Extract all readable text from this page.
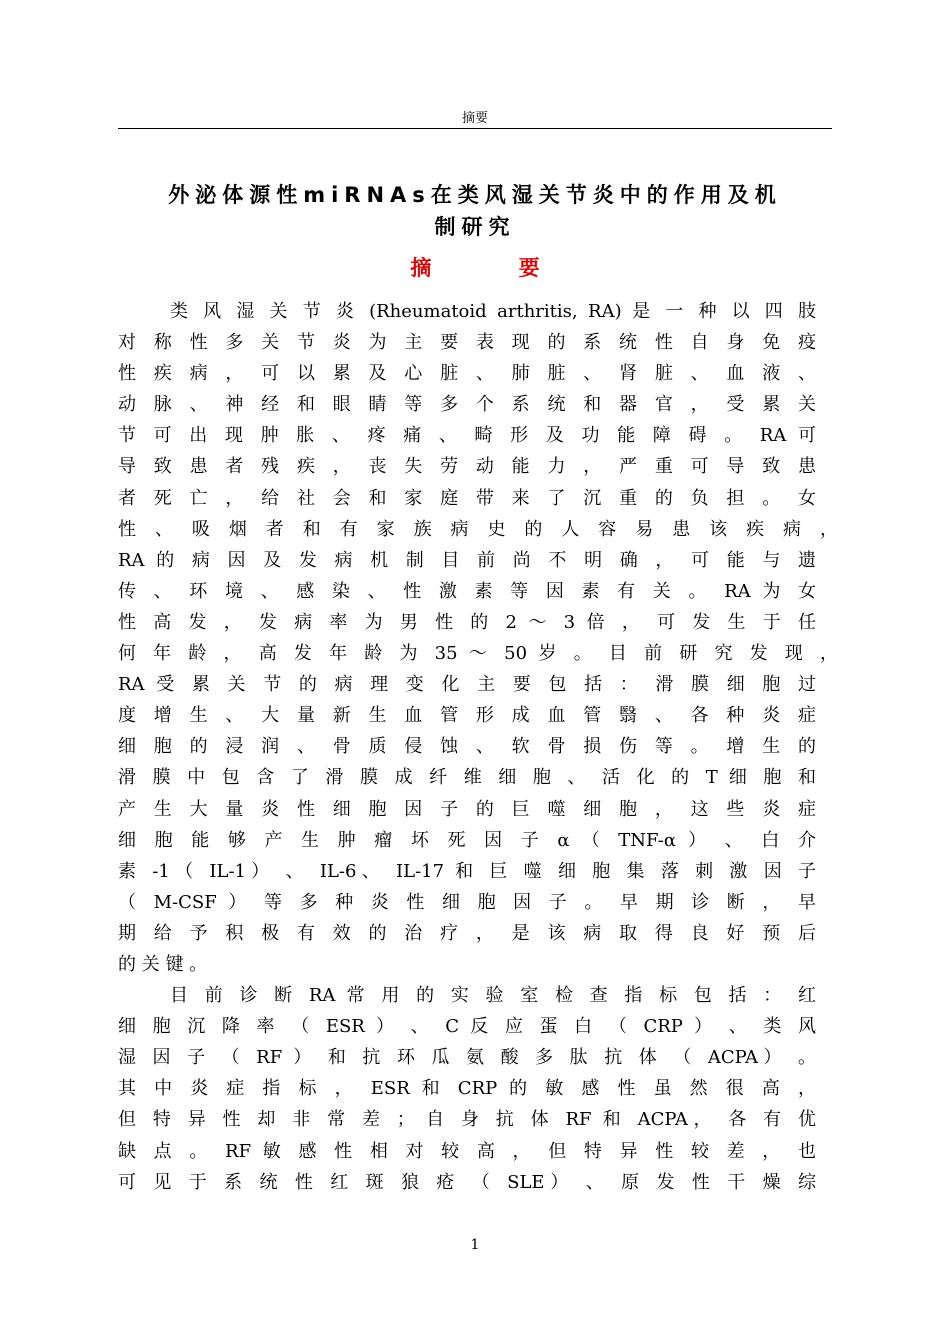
摘要
外泌体源性miRNAs在类风湿关节炎中的作用及机
制研究
摘 要
类 风 湿 关 节 炎 (Rheumatoid arthritis, RA) 是 一 种 以 四 肢
对 称 性 多 关 节 炎 为 主 要 表 现 的 系 统 性 自 身 免 疫
性 疾 病 ， 可 以 累 及 心 脏 、 肺 脏 、 肾 脏 、 血 液 、
动 脉 、 神 经 和 眼 睛 等 多 个 系 统 和 器 官 ， 受 累 关
节 可 出 现 肿 胀 、 疼 痛 、 畸 形 及 功 能 障 碍 。 RA 可
导 致 患 者 残 疾 ， 丧 失 劳 动 能 力 ， 严 重 可 导 致 患
者 死 亡 ， 给 社 会 和 家 庭 带 来 了 沉 重 的 负 担 。 女
性 、 吸 烟 者 和 有 家 族 病 史 的 人 容 易 患 该 疾 病 ，
RA 的 病 因 及 发 病 机 制 目 前 尚 不 明 确 ， 可 能 与 遗
传 、 环 境 、 感 染 、 性 激 素 等 因 素 有 关 。 RA 为 女
性 高 发 ， 发 病 率 为 男 性 的 2 ～ 3 倍 ， 可 发 生 于 任
何 年 龄 ， 高 发 年 龄 为 35 ～ 50 岁 。 目 前 研 究 发 现 ，
RA 受 累 关 节 的 病 理 变 化 主 要 包 括 ： 滑 膜 细 胞 过
度 增 生 、 大 量 新 生 血 管 形 成 血 管 翳 、 各 种 炎 症
细 胞 的 浸 润 、 骨 质 侵 蚀 、 软 骨 损 伤 等 。 增 生 的
滑 膜 中 包 含 了 滑 膜 成 纤 维 细 胞 、 活 化 的 T 细 胞 和
产 生 大 量 炎 性 细 胞 因 子 的 巨 噬 细 胞 ， 这 些 炎 症
细 胞 能 够 产 生 肿 瘤 坏 死 因 子 α （ TNF-α ） 、 白 介
素 -1（ IL-1） 、 IL-6、 IL-17 和 巨 噬 细 胞 集 落 刺 激 因 子
（ M-CSF ） 等 多 种 炎 性 细 胞 因 子 。 早 期 诊 断 ， 早
期 给 予 积 极 有 效 的 治 疗 ， 是 该 病 取 得 良 好 预 后
的 关 键 。
目 前 诊 断 RA 常 用 的 实 验 室 检 查 指 标 包 括 ： 红
细 胞 沉 降 率 （ ESR ） 、 C 反 应 蛋 白 （ CRP ） 、 类 风
湿 因 子 （ RF ） 和 抗 环 瓜 氨 酸 多 肽 抗 体 （ ACPA） 。
其 中 炎 症 指 标 ， ESR 和 CRP 的 敏 感 性 虽 然 很 高 ，
但 特 异 性 却 非 常 差 ； 自 身 抗 体 RF 和 ACPA， 各 有 优
缺 点 。 RF 敏 感 性 相 对 较 高 ， 但 特 异 性 较 差 ， 也
可 见 于 系 统 性 红 斑 狼 疮 （ SLE） 、 原 发 性 干 燥 综
1
